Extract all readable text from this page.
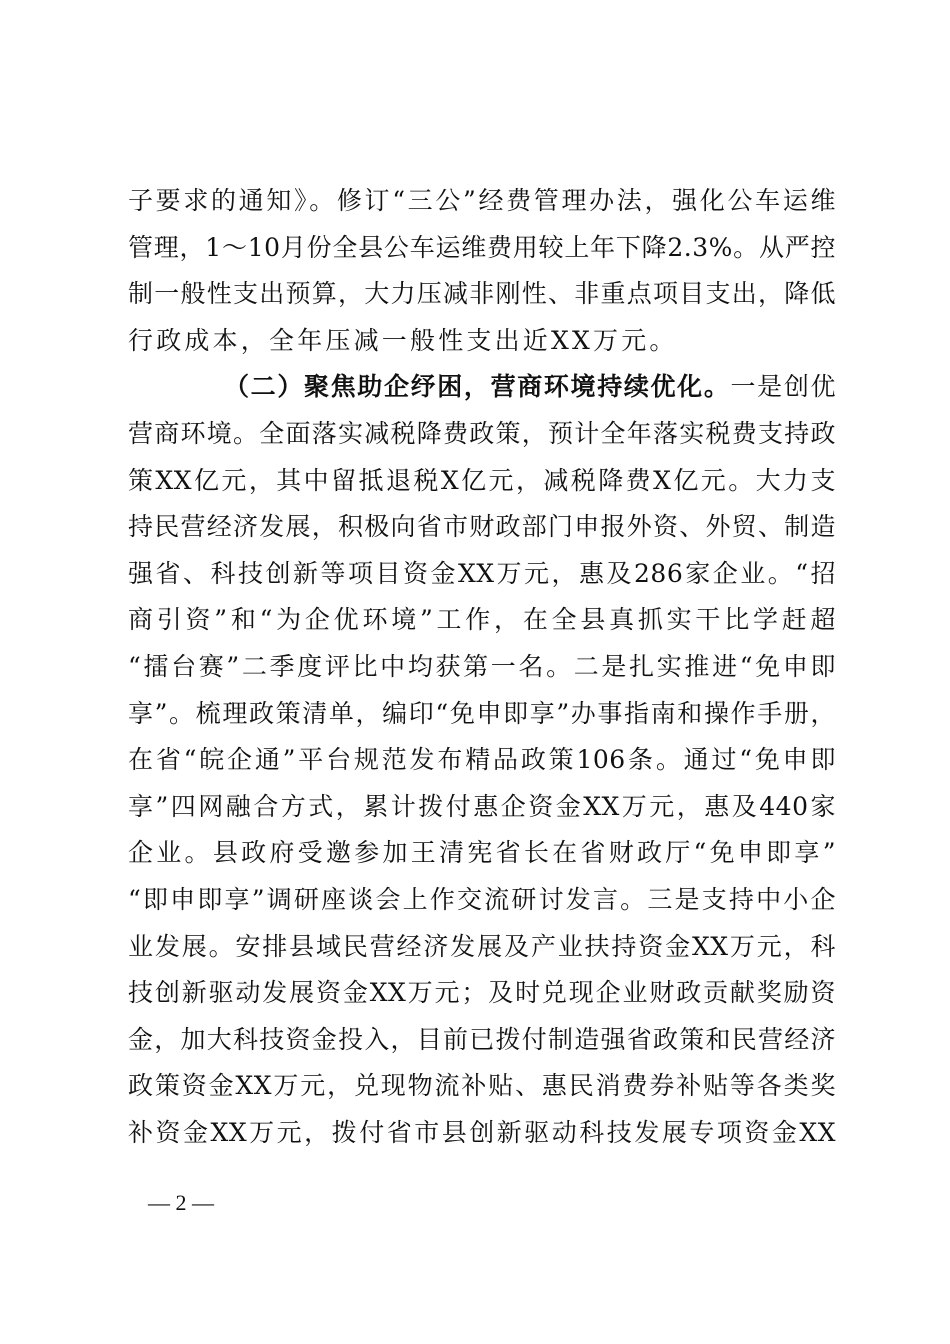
子要求的通知》。修订“三公”经费管理办法，强化公车运维
管理，1～10月份全县公车运维费用较上年下降2.3%。从严控
制一般性支出预算，大力压减非刚性、非重点项目支出，降低
行政成本，全年压减一般性支出近XX万元。
（二）聚焦助企纾困，营商环境持续优化。一是创优
营商环境。全面落实减税降费政策，预计全年落实税费支持政
策XX亿元，其中留抵退税X亿元，减税降费X亿元。大力支
持民营经济发展，积极向省市财政部门申报外资、外贸、制造
强省、科技创新等项目资金XX万元，惠及286家企业。“招
商引资”和“为企优环境”工作，在全县真抓实干比学赶超
“擂台赛”二季度评比中均获第一名。二是扎实推进“免申即
享”。梳理政策清单，编印“免申即享”办事指南和操作手册，
在省“皖企通”平台规范发布精品政策106条。通过“免申即
享”四网融合方式，累计拨付惠企资金XX万元，惠及440家
企业。县政府受邀参加王清宪省长在省财政厅“免申即享”
“即申即享”调研座谈会上作交流研讨发言。三是支持中小企
业发展。安排县域民营经济发展及产业扶持资金XX万元，科
技创新驱动发展资金XX万元；及时兑现企业财政贡献奖励资
金，加大科技资金投入，目前已拨付制造强省政策和民营经济
政策资金XX万元，兑现物流补贴、惠民消费券补贴等各类奖
补资金XX万元，拨付省市县创新驱动科技发展专项资金XX
— 2 —
